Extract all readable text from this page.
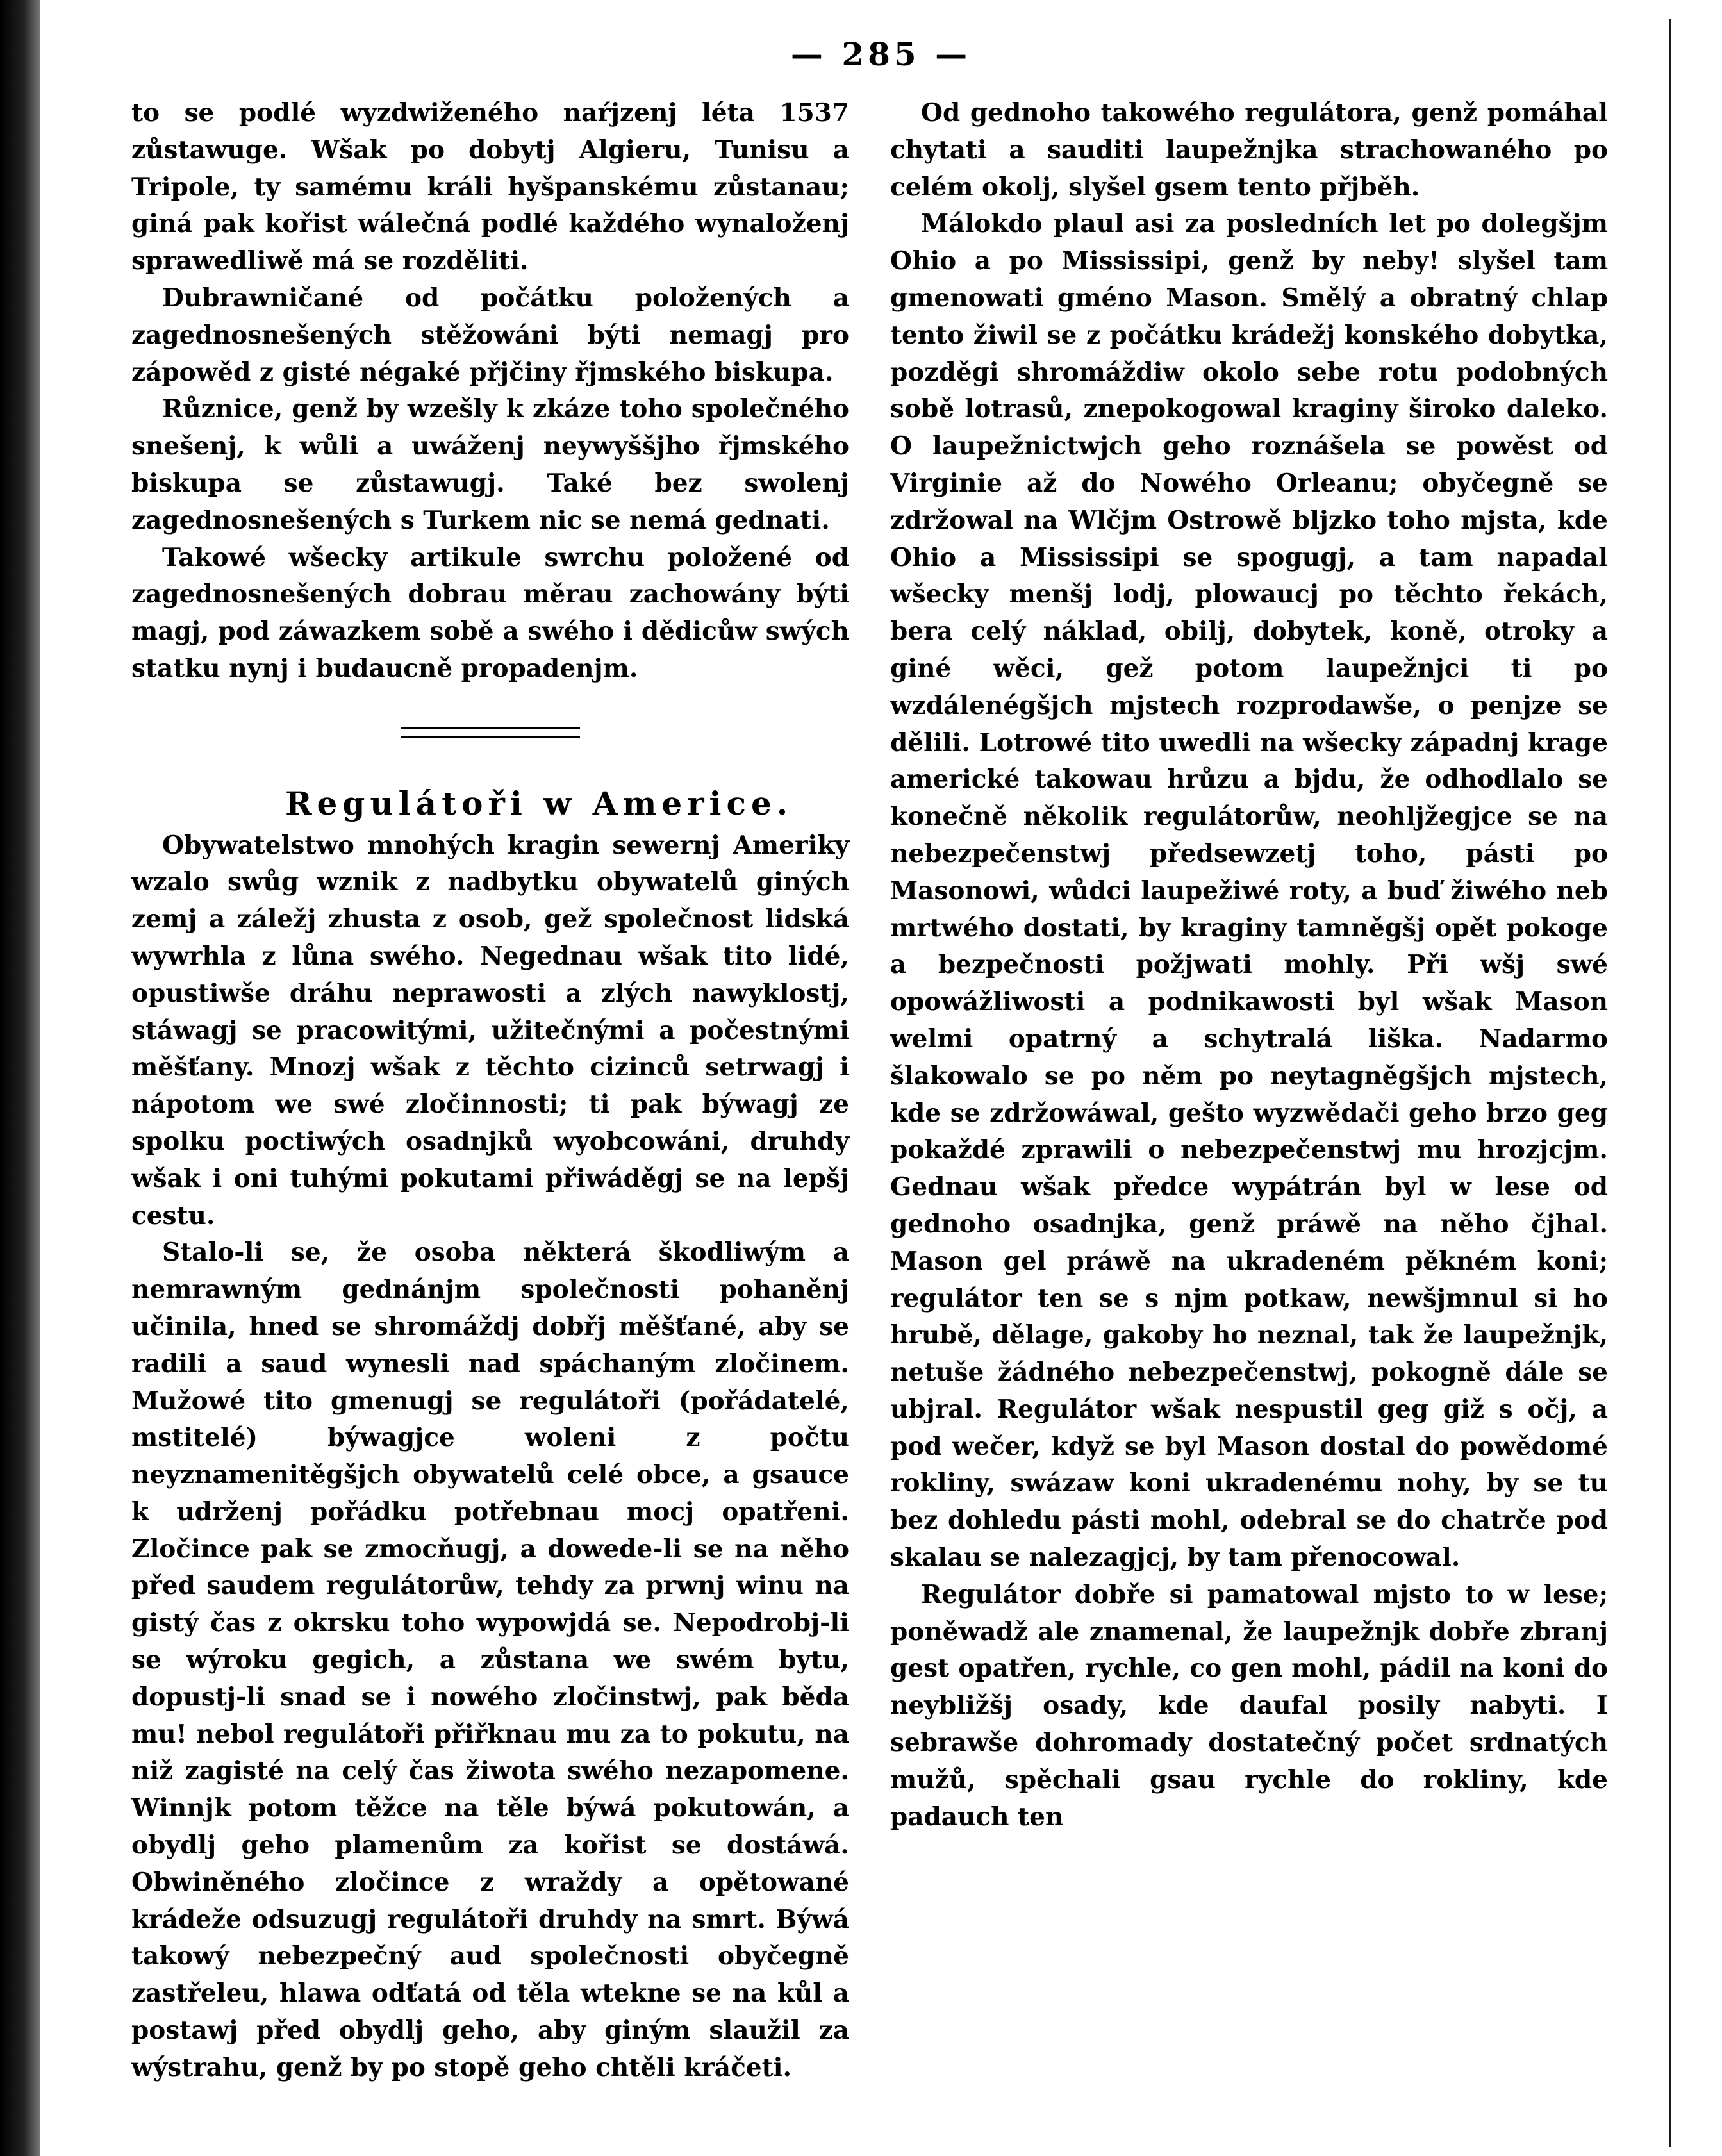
— 285 —

to se podlé wyzdwiženého naŕjzenj léta 1537 zůstawuge. Wšak po dobytj Algieru, Tunisu a Tripole, ty samému králi hyšpanskému zůstanau; giná pak kořist wálečná podlé každého wynaloženj sprawedliwě má se rozděliti.

Dubrawničané od počátku položených a zagednosnešených stěžowáni býti nemagj pro zápowěd z gisté négaké přjčiny řjmského biskupa.

Různice, genž by wzešly k zkáze toho společného snešenj, k wůli a uwáženj neywyššjho řjmského biskupa se zůstawugj. Také bez swolenj zagednosnešených s Turkem nic se nemá gednati.

Takowé wšecky artikule swrchu položené od zagednosnešených dobrau měrau zachowány býti magj, pod záwazkem sobě a swého i dědicůw swých statku nynj i budaucně propadenjm.

Regulátoři w Americe.

Obywatelstwo mnohých kragin sewernj Ameriky wzalo swůg wznik z nadbytku obywatelů giných zemj a záležj zhusta z osob, gež společnost lidská wywrhla z lůna swého. Negednau wšak tito lidé, opustiwše dráhu neprawosti a zlých nawyklostj, stáwagj se pracowitými, užitečnými a počestnými měšťany. Mnozj wšak z těchto cizinců setrwagj i nápotom we swé zločinnosti; ti pak býwagj ze spolku poctiwých osadnjků wyobcowáni, druhdy wšak i oni tuhými pokutami přiwáděgj se na lepšj cestu.

Stalo-li se, že osoba některá škodliwým a nemrawným gednánjm společnosti pohaněnj učinila, hned se shromáždj dobřj měšťané, aby se radili a saud wynesli nad spáchaným zločinem. Mužowé tito gmenugj se regulátoři (pořádatelé, mstitelé) býwagjce woleni z počtu neyznamenitěgšjch obywatelů celé obce, a gsauce k udrženj pořádku potřebnau mocj opatřeni. Zločince pak se zmocňugj, a dowede-li se na něho před saudem regulátorůw, tehdy za prwnj winu na gistý čas z okrsku toho wypowjdá se. Nepodrobj-li se wýroku gegich, a zůstana we swém bytu, dopustj-li snad se i nowého zločinstwj, pak běda mu! nebol regulátoři přiřknau mu za to pokutu, na niž zagisté na celý čas žiwota swého nezapomene. Winnjk potom těžce na těle býwá pokutowán, a obydlj geho plamenům za kořist se dostáwá. Obwiněného zločince z wraždy a opětowané krádeže odsuzugj regulátoři druhdy na smrt. Býwá takowý nebezpečný aud společnosti obyčegně zastřeleu, hlawa odťatá od těla wtekne se na kůl a postawj před obydlj geho, aby giným slaužil za wýstrahu, genž by po stopě geho chtěli kráčeti.

Od gednoho takowého regulátora, genž pomáhal chytati a sauditi laupežnjka strachowaného po celém okolj, slyšel gsem tento přjběh.

Málokdo plaul asi za posledních let po dolegšjm Ohio a po Mississipi, genž by neby! slyšel tam gmenowati gméno Mason. Smělý a obratný chlap tento žiwil se z počátku krádežj konského dobytka, pozděgi shromáždiw okolo sebe rotu podobných sobě lotrasů, znepokogowal kraginy široko daleko. O laupežnictwjch geho roznášela se powěst od Virginie až do Nowého Orleanu; obyčegně se zdržowal na Wlčjm Ostrowě bljzko toho mjsta, kde Ohio a Mississipi se spogugj, a tam napadal wšecky menšj lodj, plowaucj po těchto řekách, bera celý náklad, obilj, dobytek, koně, otroky a giné wěci, gež potom laupežnjci ti po wzdálenégšjch mjstech rozprodawše, o penjze se dělili. Lotrowé tito uwedli na wšecky západnj krage americké takowau hrůzu a bjdu, že odhodlalo se konečně několik regulátorůw, neohljžegjce se na nebezpečenstwj předsewzetj toho, pásti po Masonowi, wůdci laupežiwé roty, a buď žiwého neb mrtwého dostati, by kraginy tamněgšj opět pokoge a bezpečnosti požjwati mohly. Při wšj swé opowážliwosti a podnikawosti byl wšak Mason welmi opatrný a schytralá liška. Nadarmo šlakowalo se po něm po neytagněgšjch mjstech, kde se zdržowáwal, gešto wyzwědači geho brzo geg pokaždé zprawili o nebezpečenstwj mu hrozjcjm. Gednau wšak předce wypátrán byl w lese od gednoho osadnjka, genž práwě na něho čjhal. Mason gel práwě na ukradeném pěkném koni; regulátor ten se s njm potkaw, newšjmnul si ho hrubě, dělage, gakoby ho neznal, tak že laupežnjk, netuše žádného nebezpečenstwj, pokogně dále se ubjral. Regulátor wšak nespustil geg giž s očj, a pod wečer, když se byl Mason dostal do powědomé rokliny, swázaw koni ukradenému nohy, by se tu bez dohledu pásti mohl, odebral se do chatrče pod skalau se nalezagjcj, by tam přenocowal.

Regulátor dobře si pamatowal mjsto to w lese; poněwadž ale znamenal, že laupežnjk dobře zbranj gest opatřen, rychle, co gen mohl, pádil na koni do neybližšj osady, kde daufal posily nabyti. I sebrawše dohromady dostatečný počet srdnatých mužů, spěchali gsau rychle do rokliny, kde padauch ten
